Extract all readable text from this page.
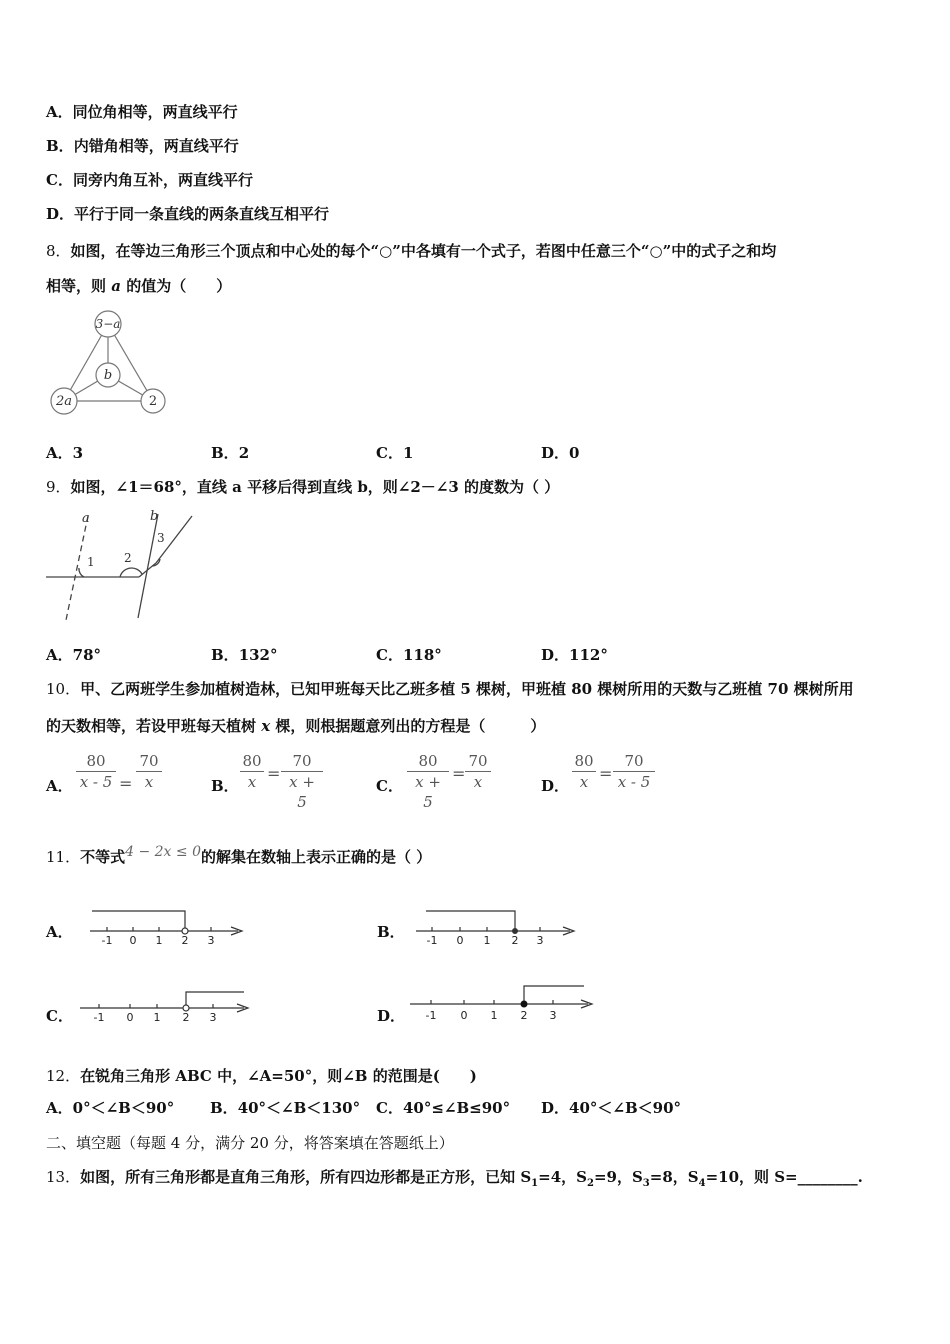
A．同位角相等，两直线平行
B．内错角相等，两直线平行
C．同旁内角互补，两直线平行
D．平行于同一条直线的两条直线互相平行
8．如图，在等边三角形三个顶点和中心处的每个“○”中各填有一个式子，若图中任意三个“○”中的式子之和均
相等，则 a 的值为（　　）
3−a
b
2a	2
A．3	B．2	C．1	D．0
9．如图，∠1＝68°，直线 a 平移后得到直线 b，则∠2－∠3 的度数为（ ）
a	b
1 2
3
A．78°	B．132°	C．118°	D．112°
10．甲、乙两班学生参加植树造林，已知甲班每天比乙班多植 5 棵树，甲班植 80 棵树所用的天数与乙班植 70 棵树所用
的天数相等，若设甲班每天植树 x 棵，则根据题意列出的方程是（　　　）
A．
80
x - 5 =
70
x	B．
80
x =
70
x + 5
C．
80
x + 5
=
70
x	D．
80
x =
70
x - 5
11．不等式4 − 2x ≤ 0的解集在数轴上表示正确的是（ ）
A．	-1 0 1 2 3	B． -1 0 1 2 3
C． -1 0 1 2 3	D． -1 0 1 2 3
12．在锐角三角形 ABC 中，∠A=50°，则∠B 的范围是(　　)
A．0°＜∠B＜90° B．40°＜∠B＜130° C．40°≤∠B≤90° D．40°＜∠B＜90°
二、填空题（每题 4 分，满分 20 分，将答案填在答题纸上）
13．如图，所有三角形都是直角三角形，所有四边形都是正方形，已知 $S_1=4$，$S_2=9$，$S_3=8$，$S_4=10$，则 S=________.
